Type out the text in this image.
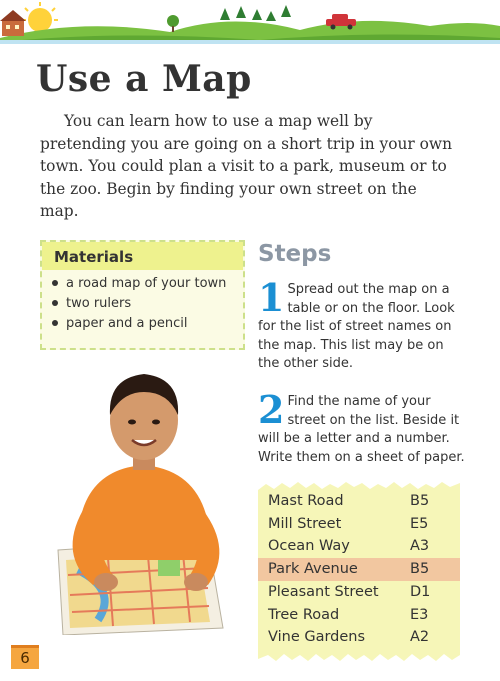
Use a Map

You can learn how to use a map well by pretending you are going on a short trip in your own town. You could plan a visit to a park, museum or to the zoo. Begin by finding your own street on the map.

Materials
a road map of your town
two rulers
paper and a pencil
Steps
1 Spread out the map on a table or on the floor. Look for the list of street names on the map. This list may be on the other side.
2 Find the name of your street on the list. Beside it will be a letter and a number. Write them on a sheet of paper.
Mast Road	B5
Mill Street	E5
Ocean Way	A3
Park Avenue	B5
Pleasant Street D1
Tree Road	E3
Vine Gardens	A2
6
